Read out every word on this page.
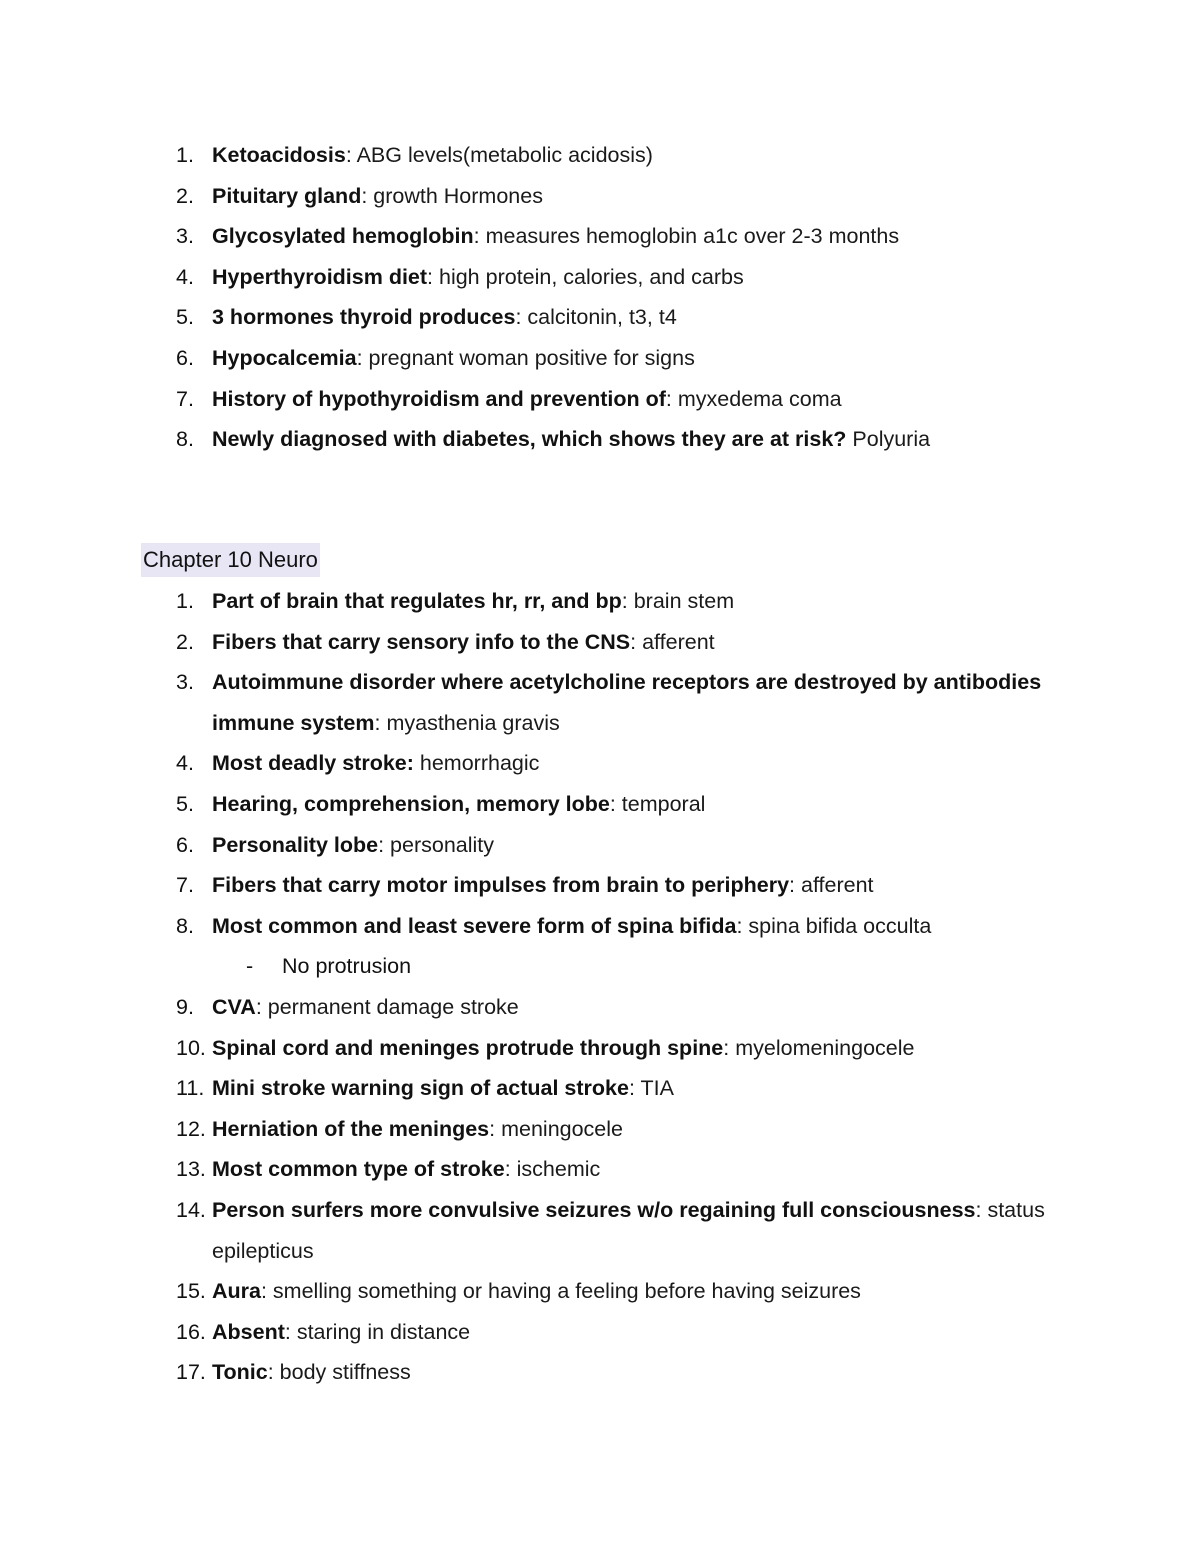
1. Ketoacidosis: ABG levels(metabolic acidosis)
2. Pituitary gland: growth Hormones
3. Glycosylated hemoglobin: measures hemoglobin a1c over 2-3 months
4. Hyperthyroidism diet: high protein, calories, and carbs
5. 3 hormones thyroid produces: calcitonin, t3, t4
6. Hypocalcemia: pregnant woman positive for signs
7. History of hypothyroidism and prevention of: myxedema coma
8. Newly diagnosed with diabetes, which shows they are at risk? Polyuria
Chapter 10 Neuro
1. Part of brain that regulates hr, rr, and bp: brain stem
2. Fibers that carry sensory info to the CNS: afferent
3. Autoimmune disorder where acetylcholine receptors are destroyed by antibodies immune system: myasthenia gravis
4. Most deadly stroke: hemorrhagic
5. Hearing, comprehension, memory lobe: temporal
6. Personality lobe: personality
7. Fibers that carry motor impulses from brain to periphery: afferent
8. Most common and least severe form of spina bifida: spina bifida occulta
- No protrusion
9. CVA: permanent damage stroke
10. Spinal cord and meninges protrude through spine: myelomeningocele
11. Mini stroke warning sign of actual stroke: TIA
12. Herniation of the meninges: meningocele
13. Most common type of stroke: ischemic
14. Person surfers more convulsive seizures w/o regaining full consciousness: status epilepticus
15. Aura: smelling something or having a feeling before having seizures
16. Absent: staring in distance
17. Tonic: body stiffness
